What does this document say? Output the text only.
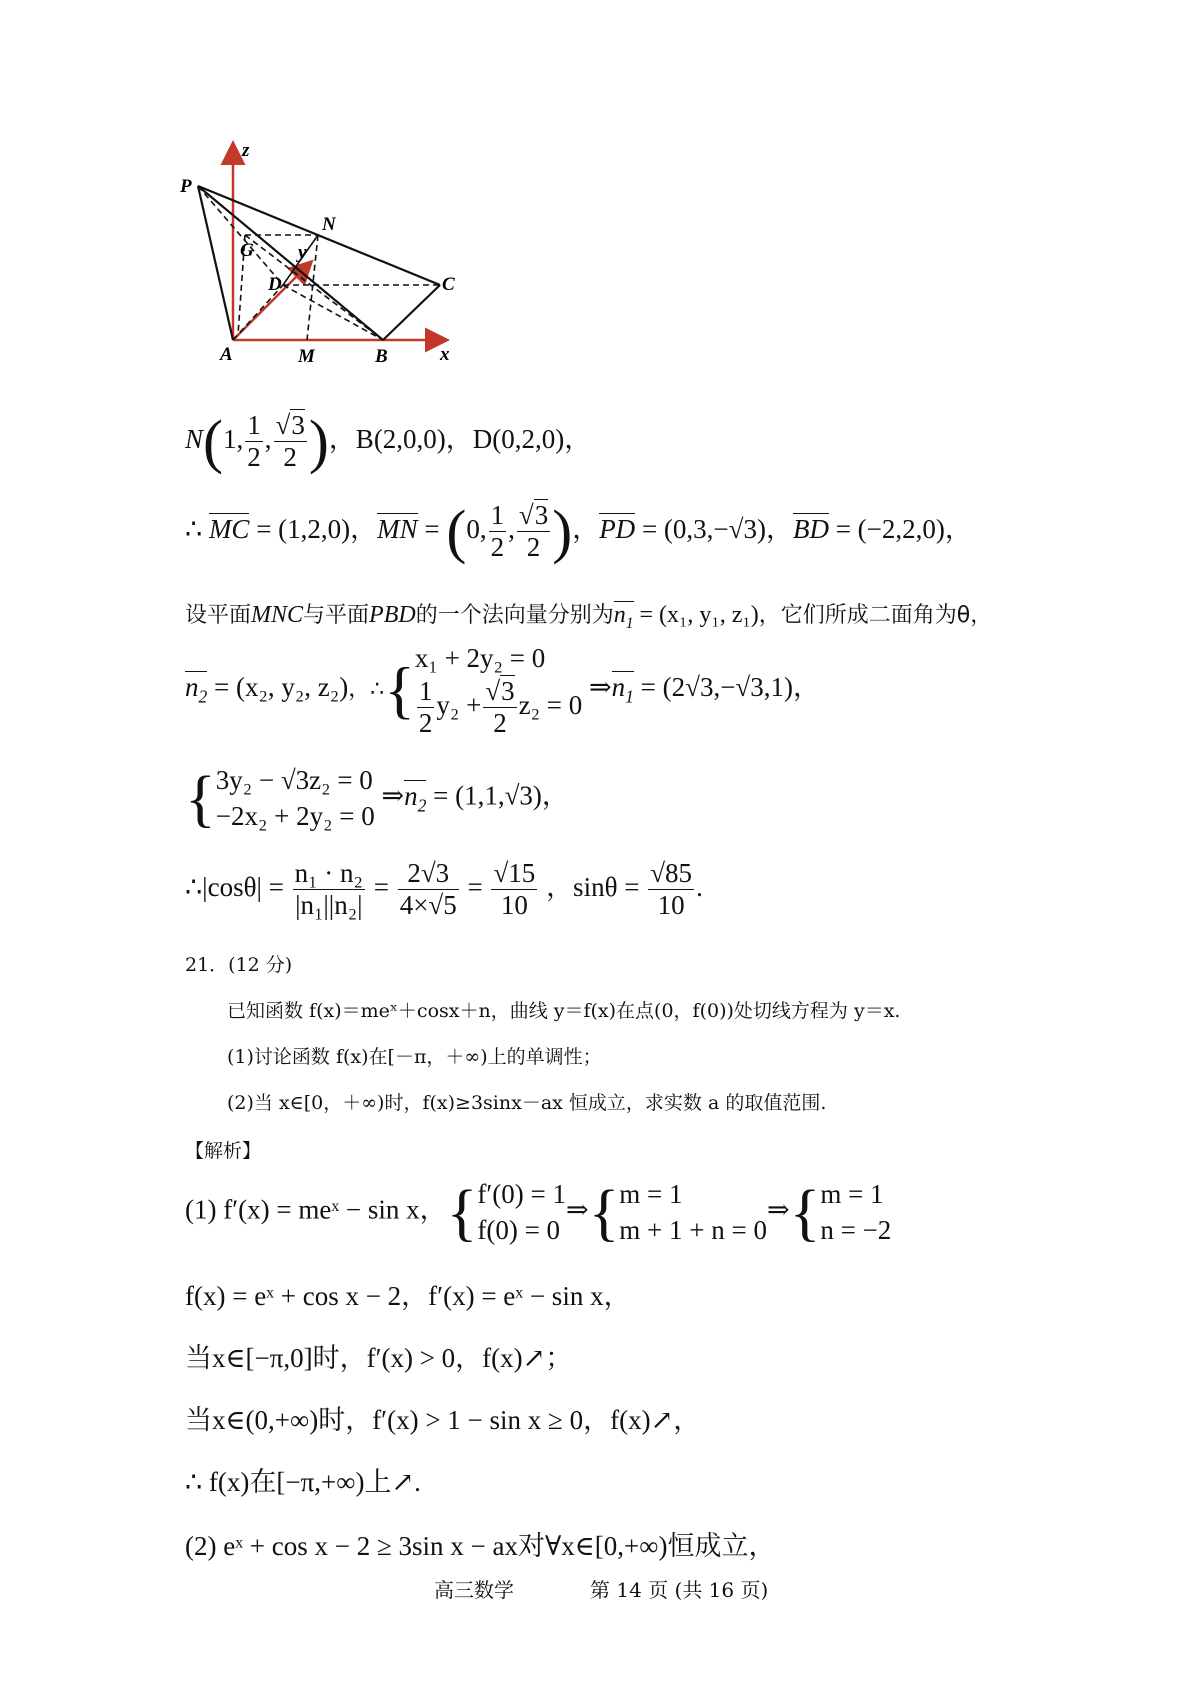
z
P
N
G y
D	C
A	M	B	x
N(1, $\frac{1}{2}$ , $\frac{√3}{2}$ )，B(2,0,0)，D(0,2,0)，
∴ MC = (1,2,0)，MN = (0, $\frac{1}{2}$ , $\frac{√3}{2}$ )，PD = (0,3,−√3)，BD = (−2,2,0)，
设平面MNC与平面PBD的一个法向量分别为$n_1 = (x_1$, y₁, z₁)，它们所成二面角为θ，
$n_2 = (x_2$, y₂, z₂)，∴{ x₁ + 2y₂ = 0
$\frac{1}{2} y_2 + \frac{√3}{2} z_2 = 0$
$\Rightarrow n_1 = (2√3,-√3,1)$，
{ 3y₂ − √3z₂ = 0
−2x₂ + 2y₂ = 0
$\Rightarrow n_2 = (1,1,√3)$，
∴|cosθ| = $\frac{\text{n₁ · n₂}}{\text{|n₁||n₂|}} = \frac{2√3}{4\times√5} = \frac{√15}{10}$ ，$\sin\theta = \frac{√85}{10}$ .
21．(12 分)
已知函数 f(x)＝meˣ＋cosx＋n，曲线 y＝f(x)在点(0，f(0))处切线方程为 y＝x.
(1)讨论函数 f(x)在[－π，＋∞)上的单调性；
(2)当 x∈[0，＋∞)时，f(x)≥3sinx－ax 恒成立，求实数 a 的取值范围.
【解析】
(1) f′(x) = meˣ − sin x，{ f′(0) = 1
f(0) = 0
⇒{ m = 1
m + 1 + n = 0
⇒{ m = 1
n = −2
f(x) = eˣ + cos x − 2，f′(x) = eˣ − sin x，
当x∈[−π,0]时，f′(x) > 0，f(x)↗；
当x∈(0,+∞)时，f′(x) > 1 − sin x ≥ 0，f(x)↗，
∴ f(x)在[−π,+∞)上↗.
(2) eˣ + cos x − 2 ≥ 3sin x − ax对∀x∈[0,+∞)恒成立，
高三数学	第 14 页 (共 16 页)
